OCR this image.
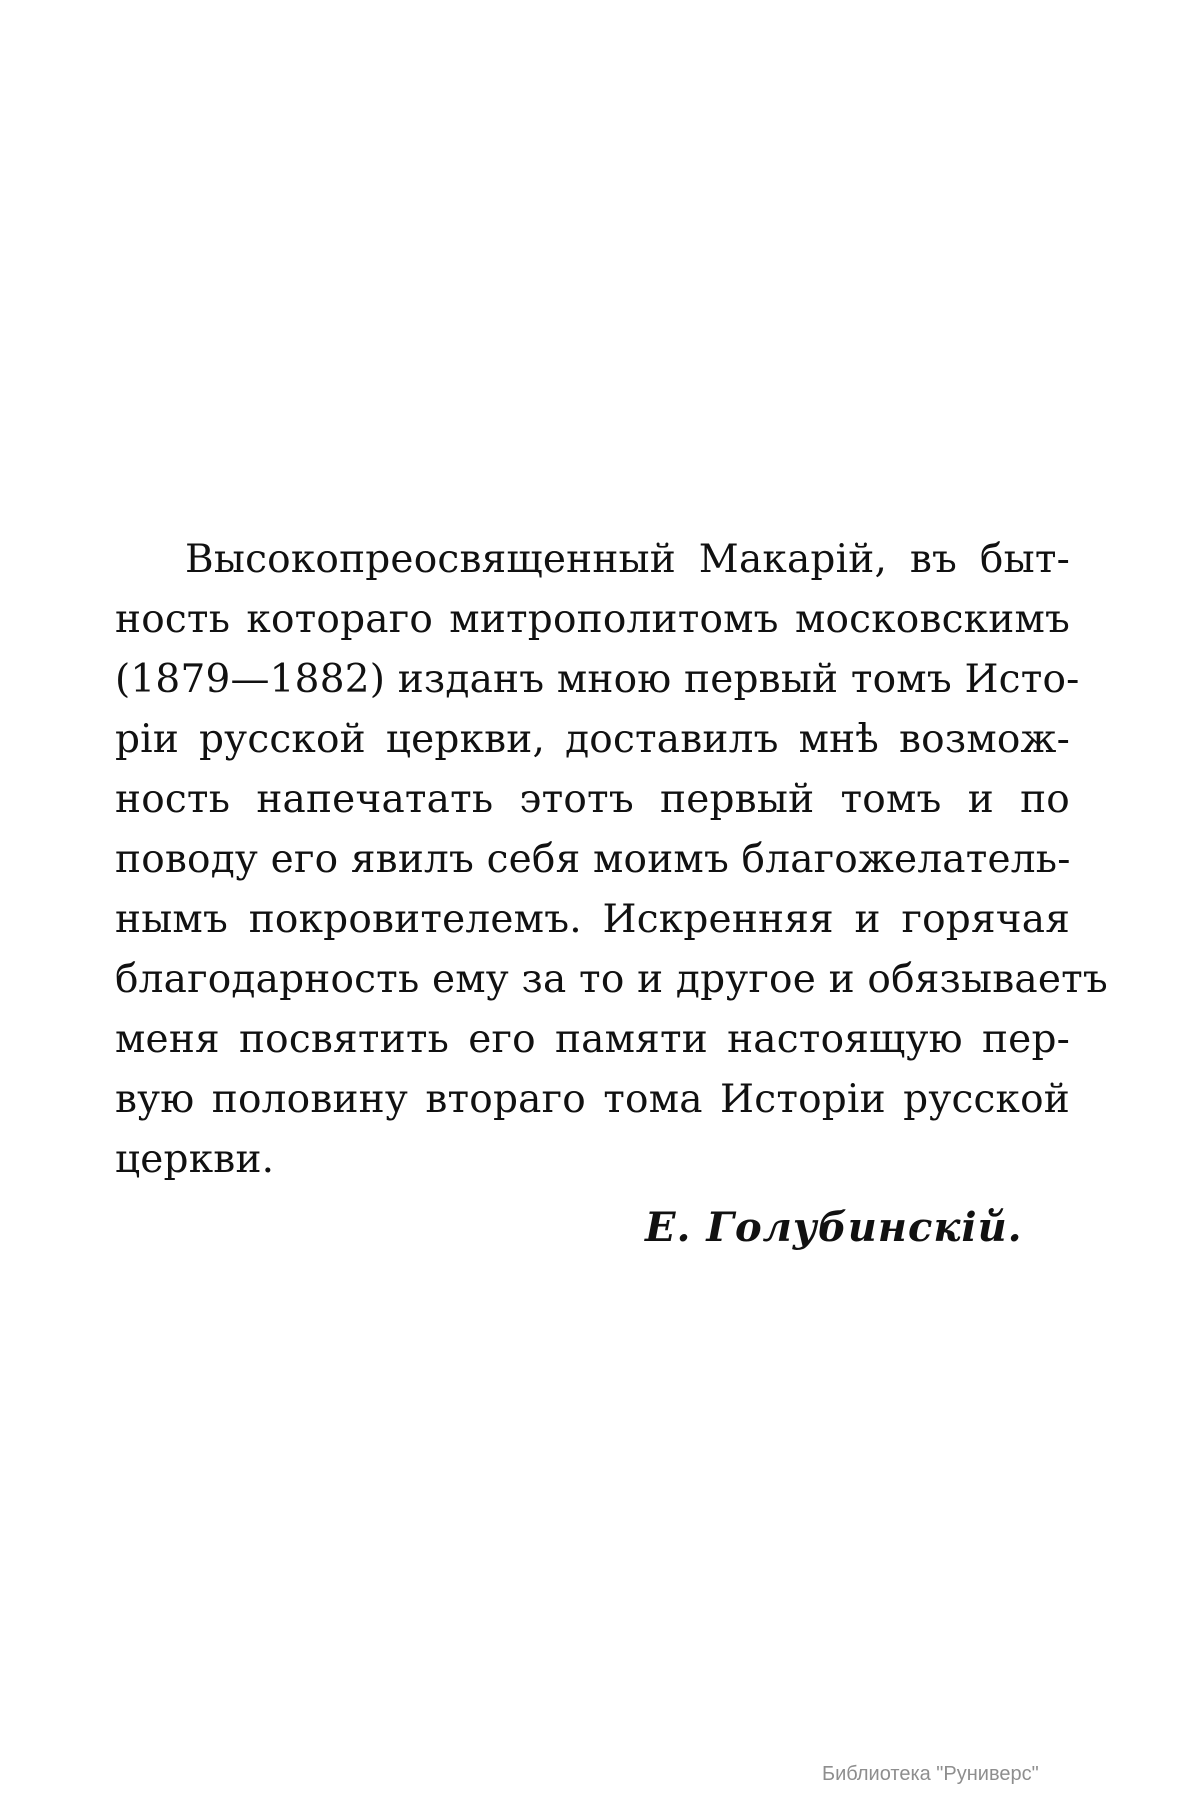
Высокопреосвященный Макарій, въ быт-
ность котораго митрополитомъ московскимъ
(1879—1882) изданъ мною первый томъ Исто-
ріи русской церкви, доставилъ мнѣ возмож-
ность напечатать этотъ первый томъ и по
поводу его явилъ себя моимъ благожелатель-
нымъ покровителемъ. Искренняя и горячая
благодарность ему за то и другое и обязываетъ
меня посвятить его памяти настоящую пер-
вую половину втораго тома Исторіи русской
церкви.
Е. Голубинскій.
Библиотека "Руниверс"
